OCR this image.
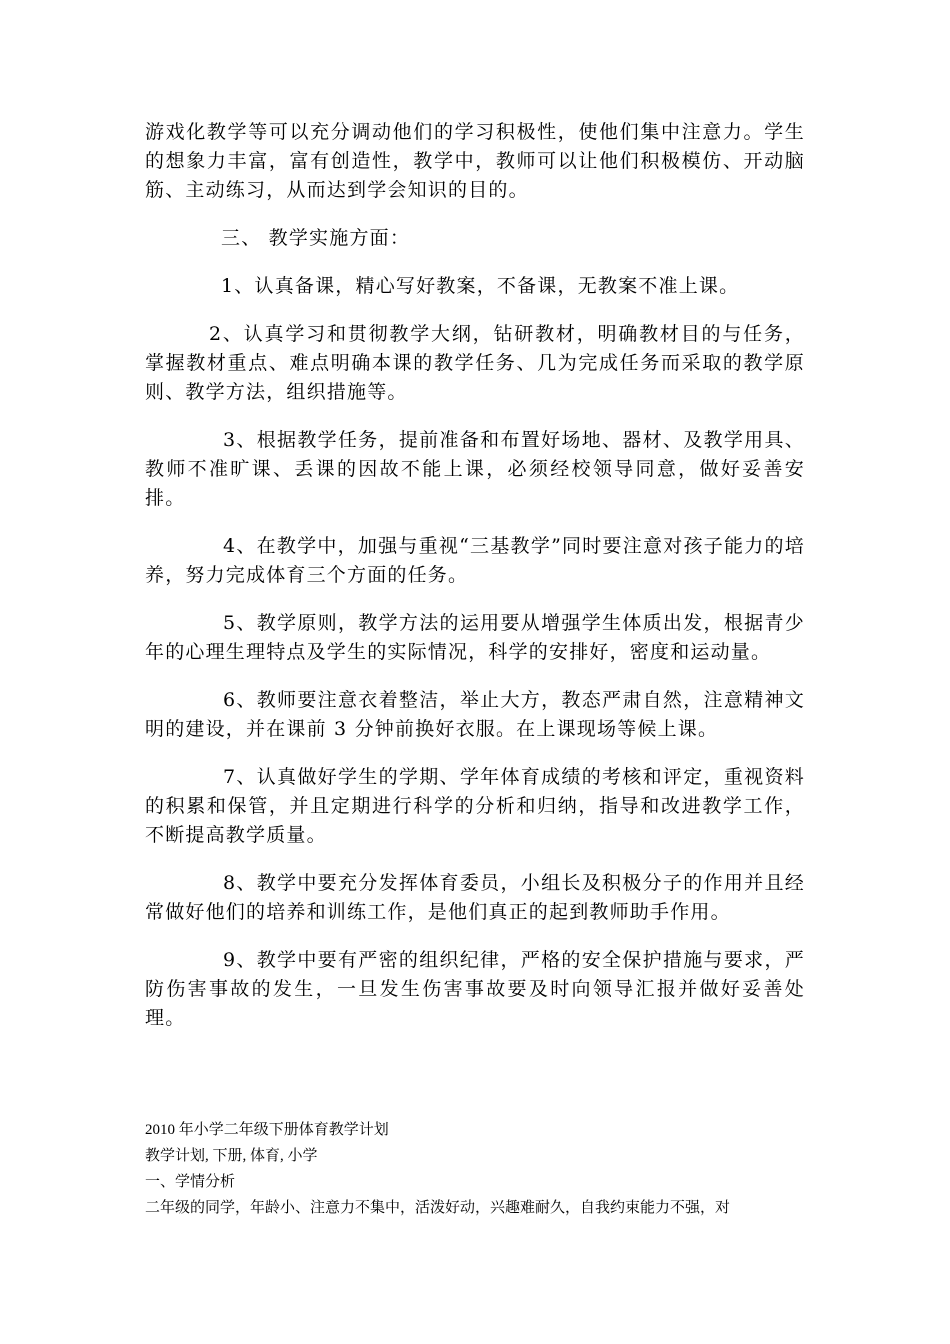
游戏化教学等可以充分调动他们的学习积极性，使他们集中注意力。学生的想象力丰富，富有创造性，教学中，教师可以让他们积极模仿、开动脑筋、主动练习，从而达到学会知识的目的。

三、 教学实施方面：

1、认真备课，精心写好教案，不备课，无教案不准上课。

2、认真学习和贯彻教学大纲，钻研教材，明确教材目的与任务，掌握教材重点、难点明确本课的教学任务、几为完成任务而采取的教学原则、教学方法，组织措施等。

3、根据教学任务，提前准备和布置好场地、器材、及教学用具、教师不准旷课、丢课的因故不能上课，必须经校领导同意，做好妥善安排。

4、在教学中，加强与重视“三基教学”同时要注意对孩子能力的培养，努力完成体育三个方面的任务。

5、教学原则，教学方法的运用要从增强学生体质出发，根据青少年的心理生理特点及学生的实际情况，科学的安排好，密度和运动量。

6、教师要注意衣着整洁，举止大方，教态严肃自然，注意精神文明的建设，并在课前 3 分钟前换好衣服。在上课现场等候上课。

7、认真做好学生的学期、学年体育成绩的考核和评定，重视资料的积累和保管，并且定期进行科学的分析和归纳，指导和改进教学工作，不断提高教学质量。

8、教学中要充分发挥体育委员，小组长及积极分子的作用并且经常做好他们的培养和训练工作，是他们真正的起到教师助手作用。

9、教学中要有严密的组织纪律，严格的安全保护措施与要求，严防伤害事故的发生，一旦发生伤害事故要及时向领导汇报并做好妥善处理。

2010 年小学二年级下册体育教学计划

教学计划, 下册, 体育, 小学

一、学情分析

二年级的同学，年龄小、注意力不集中，活泼好动，兴趣难耐久，自我约束能力不强，对
